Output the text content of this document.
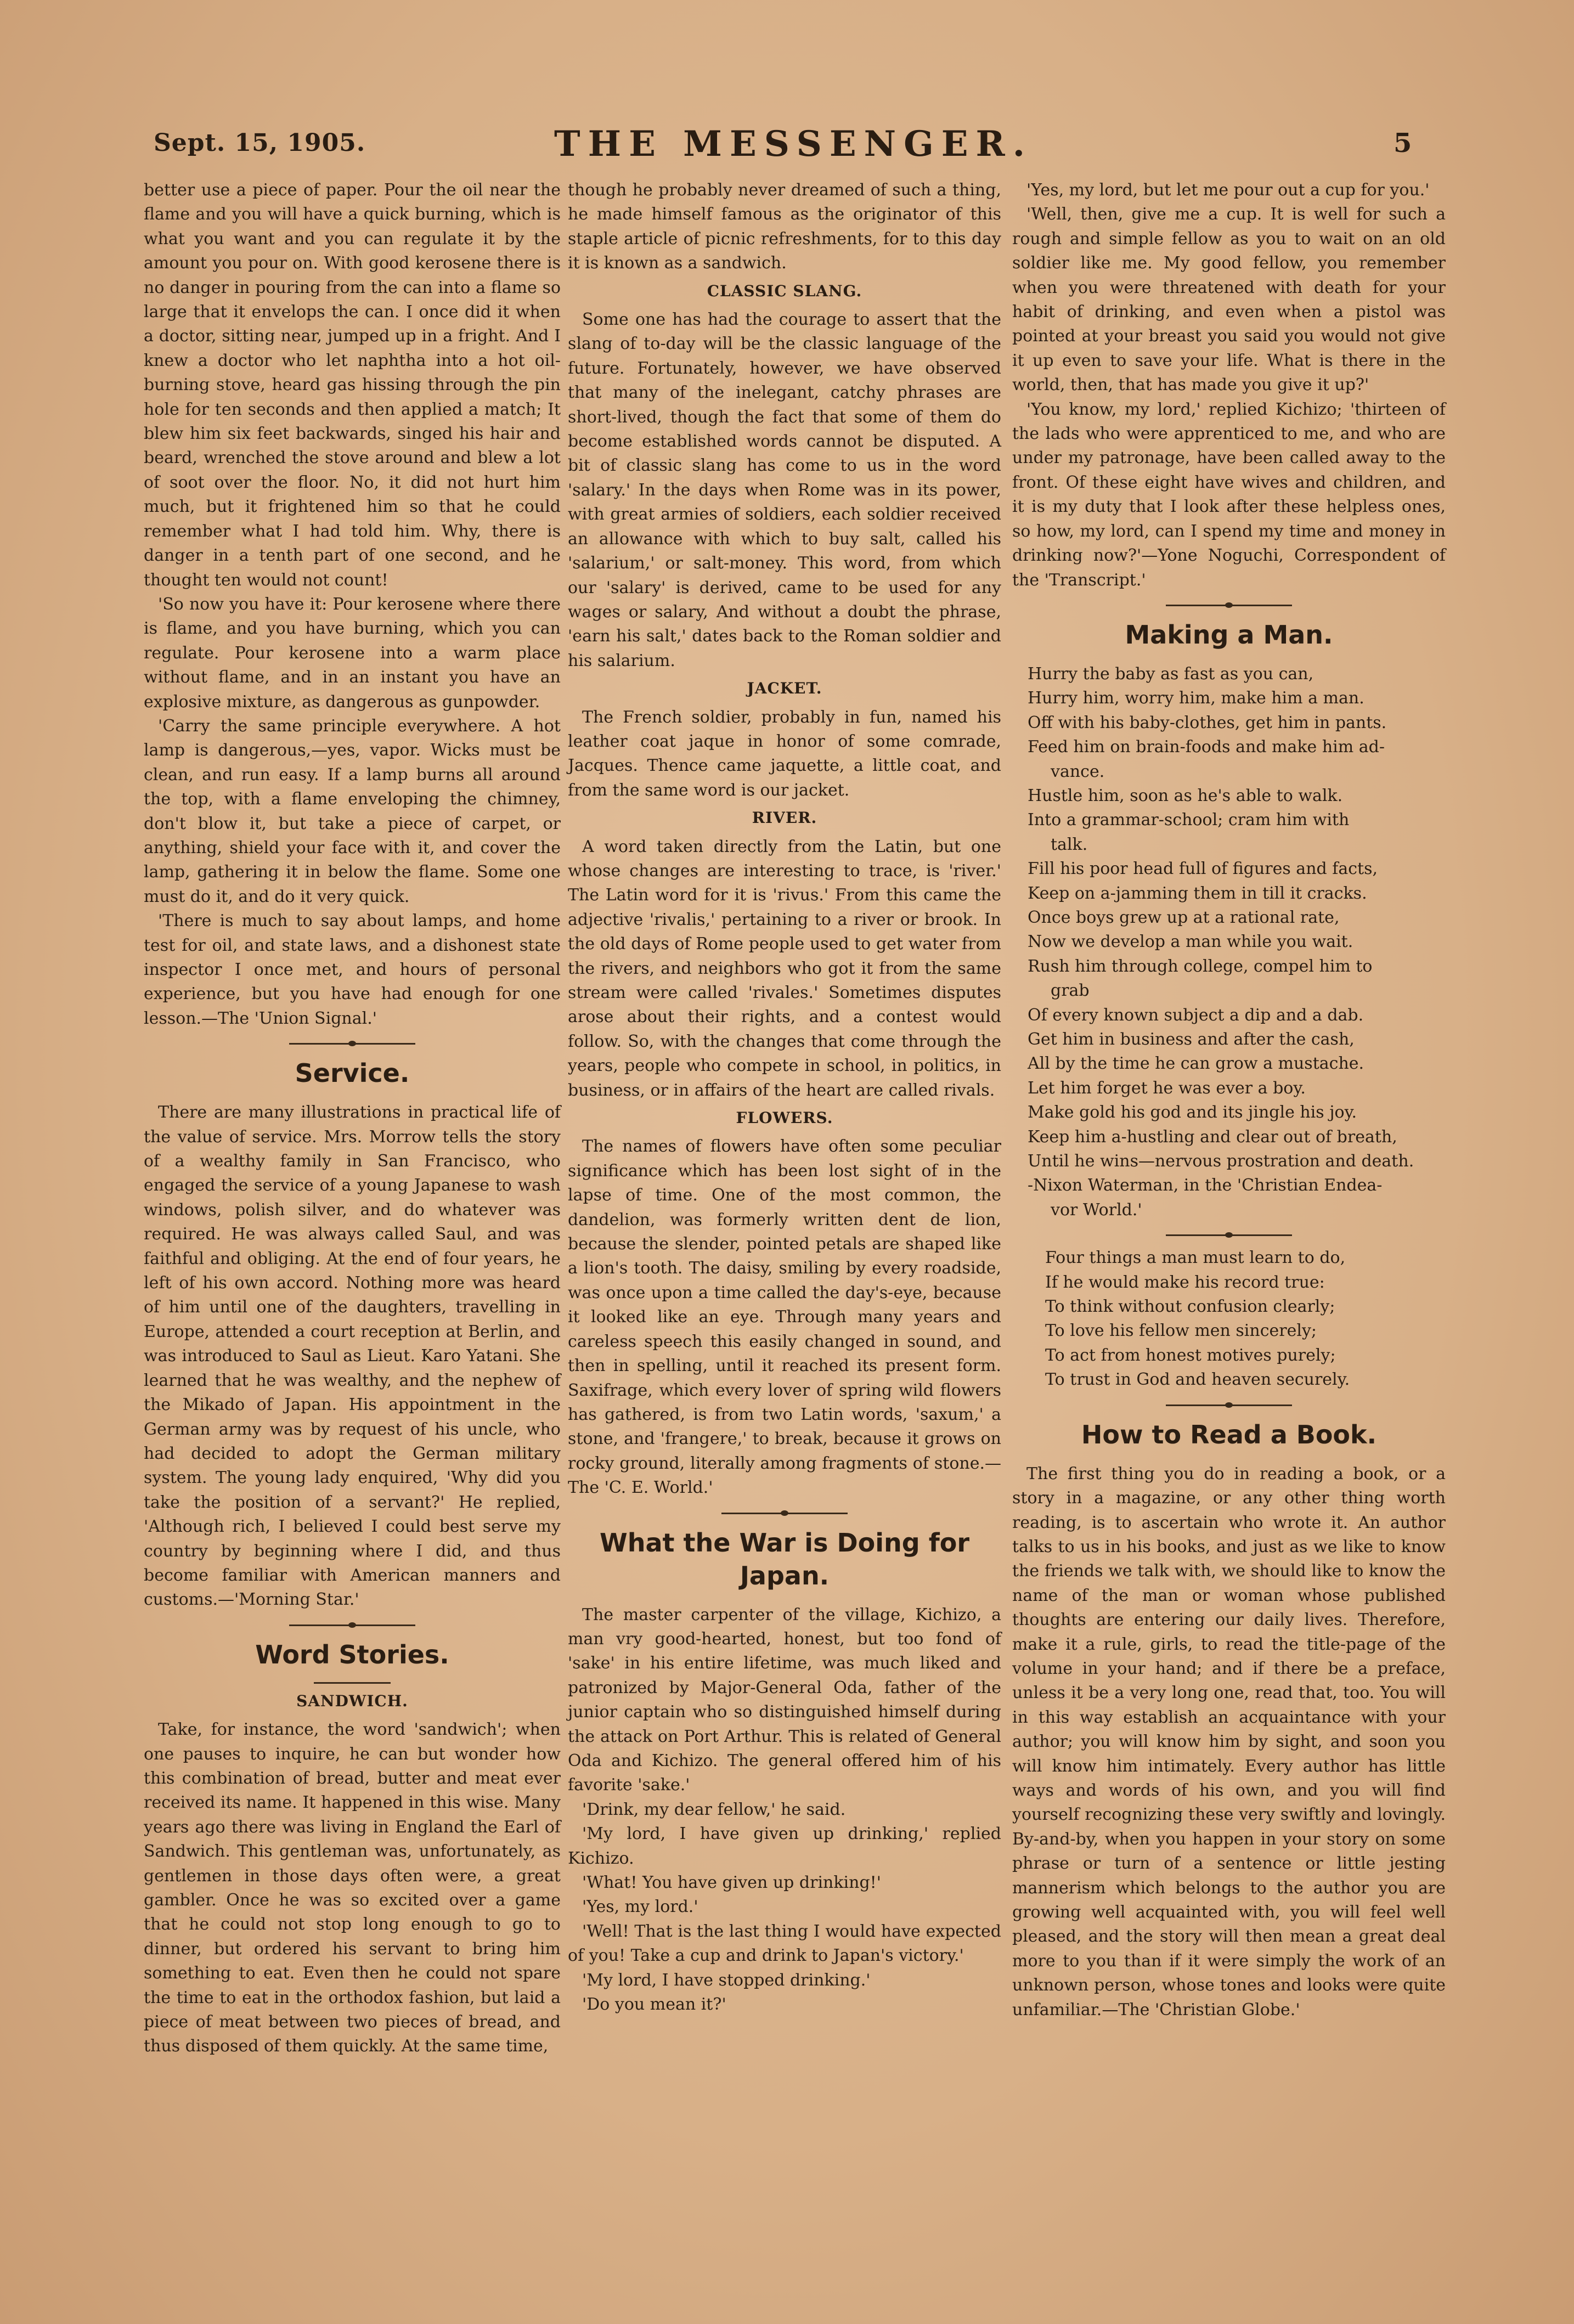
Sept. 15, 1905.	THE MESSENGER.	5

better use a piece of paper. Pour the oil near the flame and you will have a quick burning, which is what you want and you can regulate it by the amount you pour on. With good kerosene there is no danger in pouring from the can into a flame so large that it envelops the can. I once did it when a doctor, sitting near, jumped up in a fright. And I knew a doctor who let naphtha into a hot oil-burning stove, heard gas hissing through the pin hole for ten seconds and then applied a match; It blew him six feet backwards, singed his hair and beard, wrenched the stove around and blew a lot of soot over the floor. No, it did not hurt him much, but it frightened him so that he could remember what I had told him. Why, there is danger in a tenth part of one second, and he thought ten would not count!

'So now you have it: Pour kerosene where there is flame, and you have burning, which you can regulate. Pour kerosene into a warm place without flame, and in an instant you have an explosive mixture, as dangerous as gunpowder.

'Carry the same principle everywhere. A hot lamp is dangerous,—yes, vapor. Wicks must be clean, and run easy. If a lamp burns all around the top, with a flame enveloping the chimney, don't blow it, but take a piece of carpet, or anything, shield your face with it, and cover the lamp, gathering it in below the flame. Some one must do it, and do it very quick.

'There is much to say about lamps, and home test for oil, and state laws, and a dishonest state inspector I once met, and hours of personal experience, but you have had enough for one lesson.—The 'Union Signal.'

Service.

There are many illustrations in practical life of the value of service. Mrs. Morrow tells the story of a wealthy family in San Francisco, who engaged the service of a young Japanese to wash windows, polish silver, and do whatever was required. He was always called Saul, and was faithful and obliging. At the end of four years, he left of his own accord. Nothing more was heard of him until one of the daughters, travelling in Europe, attended a court reception at Berlin, and was introduced to Saul as Lieut. Karo Yatani. She learned that he was wealthy, and the nephew of the Mikado of Japan. His appointment in the German army was by request of his uncle, who had decided to adopt the German military system. The young lady enquired, 'Why did you take the position of a servant?' He replied, 'Although rich, I believed I could best serve my country by beginning where I did, and thus become familiar with American manners and customs.—'Morning Star.'

Word Stories.
SANDWICH.

Take, for instance, the word 'sandwich'; when one pauses to inquire, he can but wonder how this combination of bread, butter and meat ever received its name. It happened in this wise. Many years ago there was living in England the Earl of Sandwich. This gentleman was, unfortunately, as gentlemen in those days often were, a great gambler. Once he was so excited over a game that he could not stop long enough to go to dinner, but ordered his servant to bring him something to eat. Even then he could not spare the time to eat in the orthodox fashion, but laid a piece of meat between two pieces of bread, and thus disposed of them quickly. At the same time,

though he probably never dreamed of such a thing, he made himself famous as the originator of this staple article of picnic refreshments, for to this day it is known as a sandwich.

CLASSIC SLANG.

Some one has had the courage to assert that the slang of to-day will be the classic language of the future. Fortunately, however, we have observed that many of the inelegant, catchy phrases are short-lived, though the fact that some of them do become established words cannot be disputed. A bit of classic slang has come to us in the word 'salary.' In the days when Rome was in its power, with great armies of soldiers, each soldier received an allowance with which to buy salt, called his 'salarium,' or salt-money. This word, from which our 'salary' is derived, came to be used for any wages or salary, And without a doubt the phrase, 'earn his salt,' dates back to the Roman soldier and his salarium.

JACKET.

The French soldier, probably in fun, named his leather coat jaque in honor of some comrade, Jacques. Thence came jaquette, a little coat, and from the same word is our jacket.

RIVER.

A word taken directly from the Latin, but one whose changes are interesting to trace, is 'river.' The Latin word for it is 'rivus.' From this came the adjective 'rivalis,' pertaining to a river or brook. In the old days of Rome people used to get water from the rivers, and neighbors who got it from the same stream were called 'rivales.' Sometimes disputes arose about their rights, and a contest would follow. So, with the changes that come through the years, people who compete in school, in politics, in business, or in affairs of the heart are called rivals.

FLOWERS.

The names of flowers have often some peculiar significance which has been lost sight of in the lapse of time. One of the most common, the dandelion, was formerly written dent de lion, because the slender, pointed petals are shaped like a lion's tooth. The daisy, smiling by every roadside, was once upon a time called the day's-eye, because it looked like an eye. Through many years and careless speech this easily changed in sound, and then in spelling, until it reached its present form. Saxifrage, which every lover of spring wild flowers has gathered, is from two Latin words, 'saxum,' a stone, and 'frangere,' to break, because it grows on rocky ground, literally among fragments of stone.—The 'C. E. World.'

What the War is Doing for Japan.

The master carpenter of the village, Kichizo, a man vry good-hearted, honest, but too fond of 'sake' in his entire lifetime, was much liked and patronized by Major-General Oda, father of the junior captain who so distinguished himself during the attack on Port Arthur. This is related of General Oda and Kichizo. The general offered him of his favorite 'sake.'

'Drink, my dear fellow,' he said.

'My lord, I have given up drinking,' replied Kichizo.

'What! You have given up drinking!'

'Yes, my lord.'

'Well! That is the last thing I would have expected of you! Take a cup and drink to Japan's victory.'

'My lord, I have stopped drinking.'

'Do you mean it?'

'Yes, my lord, but let me pour out a cup for you.'

'Well, then, give me a cup. It is well for such a rough and simple fellow as you to wait on an old soldier like me. My good fellow, you remember when you were threatened with death for your habit of drinking, and even when a pistol was pointed at your breast you said you would not give it up even to save your life. What is there in the world, then, that has made you give it up?'

'You know, my lord,' replied Kichizo; 'thirteen of the lads who were apprenticed to me, and who are under my patronage, have been called away to the front. Of these eight have wives and children, and it is my duty that I look after these helpless ones, so how, my lord, can I spend my time and money in drinking now?'—Yone Noguchi, Correspondent of the 'Transcript.'

Making a Man.

Hurry the baby as fast as you can,

Hurry him, worry him, make him a man.

Off with his baby-clothes, get him in pants.

Feed him on brain-foods and make him ad-

vance.

Hustle him, soon as he's able to walk.

Into a grammar-school; cram him with

talk.

Fill his poor head full of figures and facts,

Keep on a-jamming them in till it cracks.

Once boys grew up at a rational rate,

Now we develop a man while you wait.

Rush him through college, compel him to

grab

Of every known subject a dip and a dab.

Get him in business and after the cash,

All by the time he can grow a mustache.

Let him forget he was ever a boy.

Make gold his god and its jingle his joy.

Keep him a-hustling and clear out of breath,

Until he wins—nervous prostration and death.

-Nixon Waterman, in the 'Christian Endea-

vor World.'

Four things a man must learn to do,

If he would make his record true:

To think without confusion clearly;

To love his fellow men sincerely;

To act from honest motives purely;

To trust in God and heaven securely.

How to Read a Book.

The first thing you do in reading a book, or a story in a magazine, or any other thing worth reading, is to ascertain who wrote it. An author talks to us in his books, and just as we like to know the friends we talk with, we should like to know the name of the man or woman whose published thoughts are entering our daily lives. Therefore, make it a rule, girls, to read the title-page of the volume in your hand; and if there be a preface, unless it be a very long one, read that, too. You will in this way establish an acquaintance with your author; you will know him by sight, and soon you will know him intimately. Every author has little ways and words of his own, and you will find yourself recognizing these very swiftly and lovingly. By-and-by, when you happen in your story on some phrase or turn of a sentence or little jesting mannerism which belongs to the author you are growing well acquainted with, you will feel well pleased, and the story will then mean a great deal more to you than if it were simply the work of an unknown person, whose tones and looks were quite unfamiliar.—The 'Christian Globe.'
